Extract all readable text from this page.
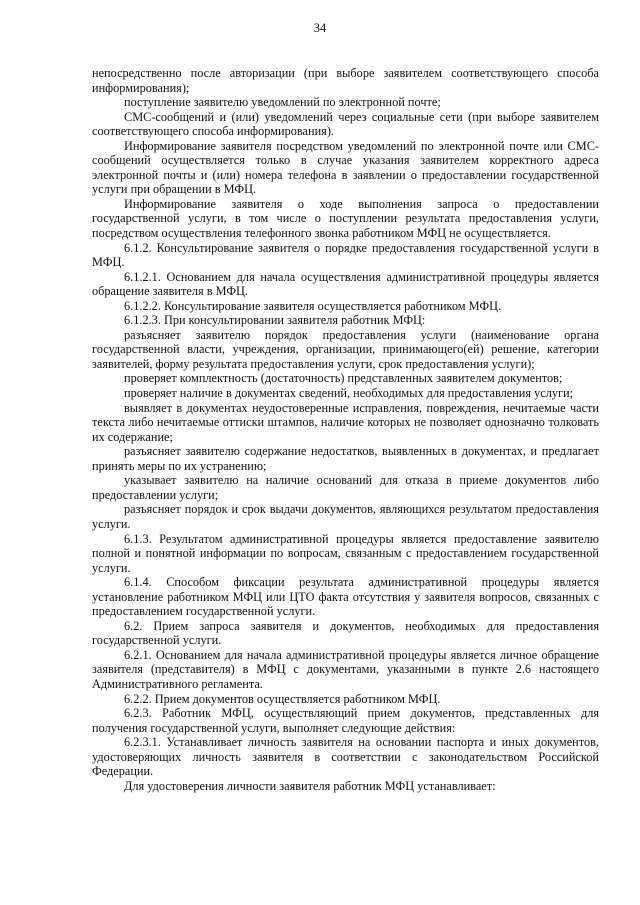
34

непосредственно после авторизации (при выборе заявителем соответствующего способа информирования);

поступление заявителю уведомлений по электронной почте;

СМС-сообщений и (или) уведомлений через социальные сети (при выборе заявителем соответствующего способа информирования).

Информирование заявителя посредством уведомлений по электронной почте или СМС-сообщений осуществляется только в случае указания заявителем корректного адреса электронной почты и (или) номера телефона в заявлении о предоставлении государственной услуги при обращении в МФЦ.

Информирование заявителя о ходе выполнения запроса о предоставлении государственной услуги, в том числе о поступлении результата предоставления услуги, посредством осуществления телефонного звонка работником МФЦ не осуществляется.

6.1.2. Консультирование заявителя о порядке предоставления государственной услуги в МФЦ.

6.1.2.1. Основанием для начала осуществления административной процедуры является обращение заявителя в МФЦ.

6.1.2.2. Консультирование заявителя осуществляется работником МФЦ.

6.1.2.3. При консультировании заявителя работник МФЦ:

разъясняет заявителю порядок предоставления услуги (наименование органа государственной власти, учреждения, организации, принимающего(ей) решение, категории заявителей, форму результата предоставления услуги, срок предоставления услуги);

проверяет комплектность (достаточность) представленных заявителем документов;

проверяет наличие в документах сведений, необходимых для предоставления услуги;

выявляет в документах неудостоверенные исправления, повреждения, нечитаемые части текста либо нечитаемые оттиски штампов, наличие которых не позволяет однозначно толковать их содержание;

разъясняет заявителю содержание недостатков, выявленных в документах, и предлагает принять меры по их устранению;

указывает заявителю на наличие оснований для отказа в приеме документов либо предоставлении услуги;

разъясняет порядок и срок выдачи документов, являющихся результатом предоставления услуги.

6.1.3. Результатом административной процедуры является предоставление заявителю полной и понятной информации по вопросам, связанным с предоставлением государственной услуги.

6.1.4. Способом фиксации результата административной процедуры является установление работником МФЦ или ЦТО факта отсутствия у заявителя вопросов, связанных с предоставлением государственной услуги.

6.2. Прием запроса заявителя и документов, необходимых для предоставления государственной услуги.

6.2.1. Основанием для начала административной процедуры является личное обращение заявителя (представителя) в МФЦ с документами, указанными в пункте 2.6 настоящего Административного регламента.

6.2.2. Прием документов осуществляется работником МФЦ.

6.2.3. Работник МФЦ, осуществляющий прием документов, представленных для получения государственной услуги, выполняет следующие действия:

6.2.3.1. Устанавливает личность заявителя на основании паспорта и иных документов, удостоверяющих личность заявителя в соответствии с законодательством Российской Федерации.

Для удостоверения личности заявителя работник МФЦ устанавливает:
